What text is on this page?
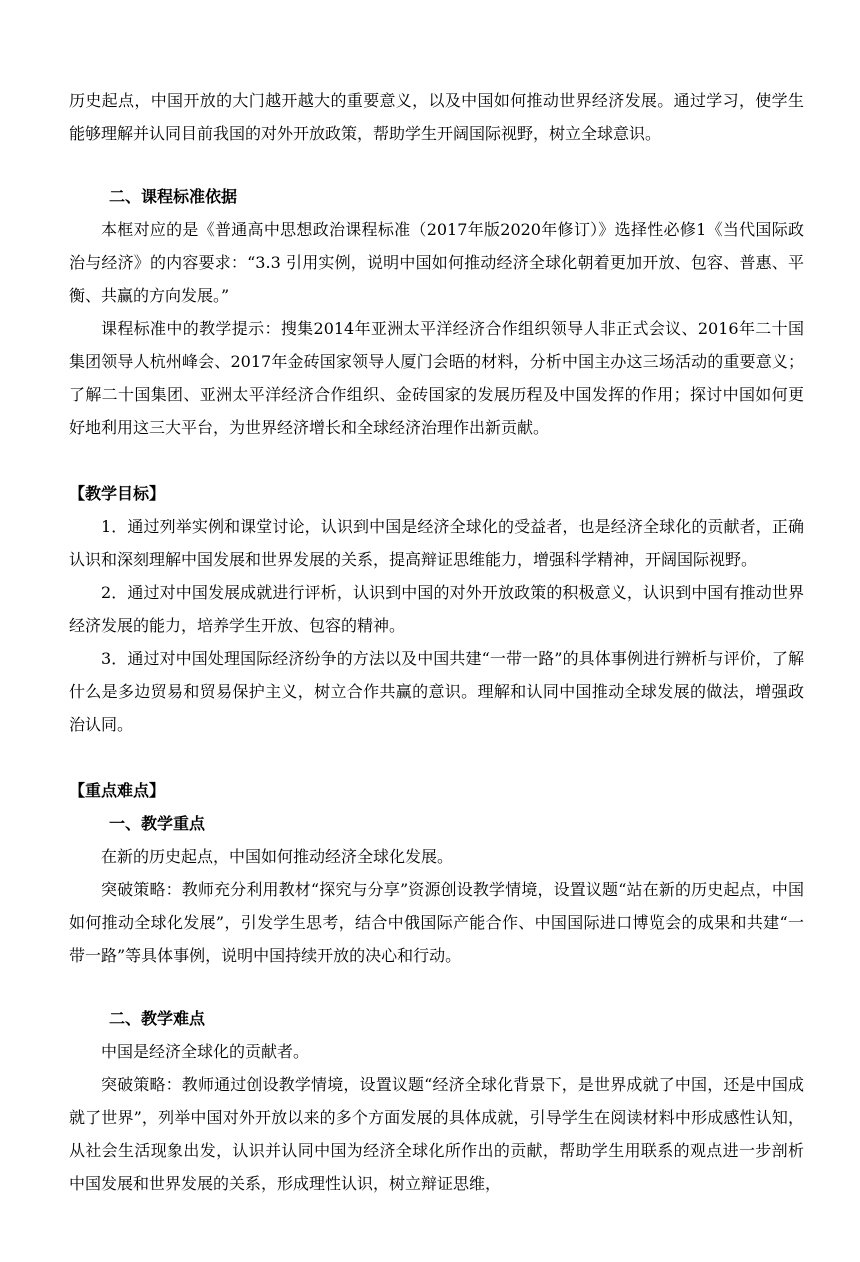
历史起点，中国开放的大门越开越大的重要意义，以及中国如何推动世界经济发展。通过学习，使学生能够理解并认同目前我国的对外开放政策，帮助学生开阔国际视野，树立全球意识。

二、课程标准依据

本框对应的是《普通高中思想政治课程标准（2017年版2020年修订）》选择性必修1《当代国际政治与经济》的内容要求：“3.3 引用实例，说明中国如何推动经济全球化朝着更加开放、包容、普惠、平衡、共赢的方向发展。”

课程标准中的教学提示：搜集2014年亚洲太平洋经济合作组织领导人非正式会议、2016年二十国集团领导人杭州峰会、2017年金砖国家领导人厦门会晤的材料，分析中国主办这三场活动的重要意义；了解二十国集团、亚洲太平洋经济合作组织、金砖国家的发展历程及中国发挥的作用；探讨中国如何更好地利用这三大平台，为世界经济增长和全球经济治理作出新贡献。

【教学目标】

1．通过列举实例和课堂讨论，认识到中国是经济全球化的受益者，也是经济全球化的贡献者，正确认识和深刻理解中国发展和世界发展的关系，提高辩证思维能力，增强科学精神，开阔国际视野。

2．通过对中国发展成就进行评析，认识到中国的对外开放政策的积极意义，认识到中国有推动世界经济发展的能力，培养学生开放、包容的精神。

3．通过对中国处理国际经济纷争的方法以及中国共建“一带一路”的具体事例进行辨析与评价，了解什么是多边贸易和贸易保护主义，树立合作共赢的意识。理解和认同中国推动全球发展的做法，增强政治认同。

【重点难点】

一、教学重点

在新的历史起点，中国如何推动经济全球化发展。

突破策略：教师充分利用教材“探究与分享”资源创设教学情境，设置议题“站在新的历史起点，中国如何推动全球化发展”，引发学生思考，结合中俄国际产能合作、中国国际进口博览会的成果和共建“一带一路”等具体事例，说明中国持续开放的决心和行动。

二、教学难点

中国是经济全球化的贡献者。

突破策略：教师通过创设教学情境，设置议题“经济全球化背景下，是世界成就了中国，还是中国成就了世界”，列举中国对外开放以来的多个方面发展的具体成就，引导学生在阅读材料中形成感性认知，从社会生活现象出发，认识并认同中国为经济全球化所作出的贡献，帮助学生用联系的观点进一步剖析中国发展和世界发展的关系，形成理性认识，树立辩证思维，
